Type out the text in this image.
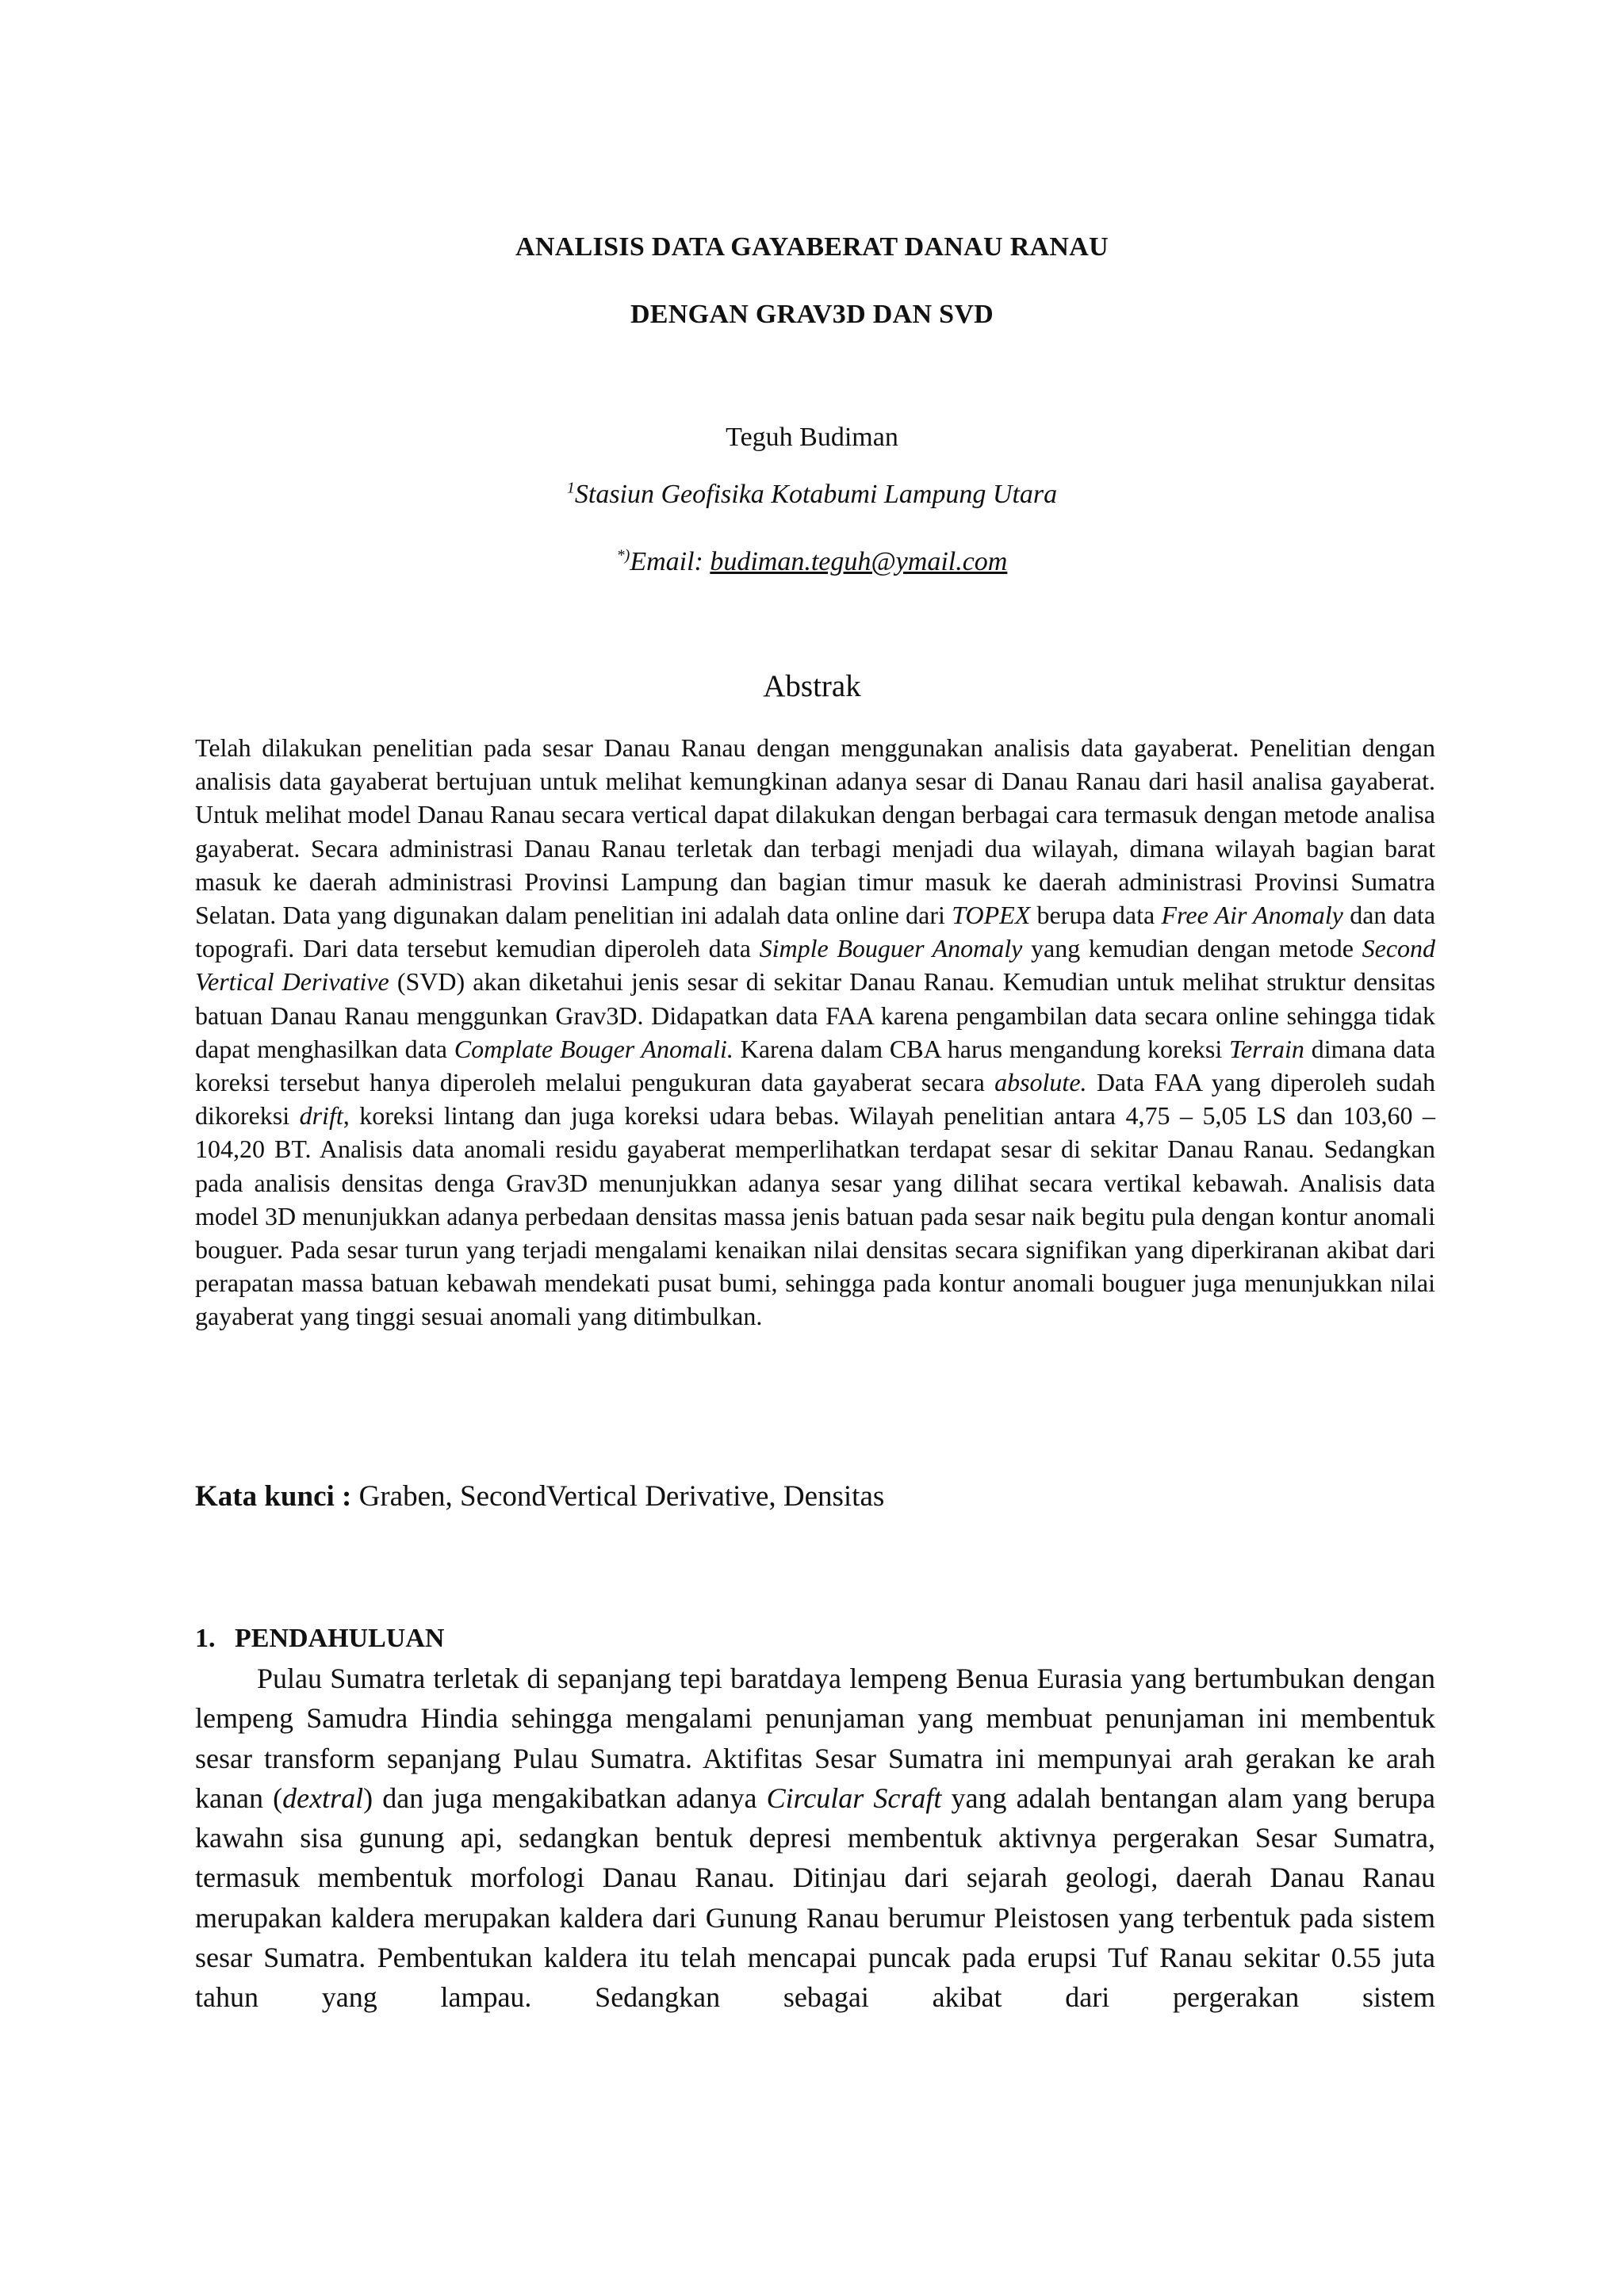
ANALISIS DATA GAYABERAT DANAU RANAU
DENGAN GRAV3D DAN SVD
Teguh Budiman
$^1$Stasiun Geofisika Kotabumi Lampung Utara
*)Email: budiman.teguh@ymail.com
Abstrak
Telah dilakukan penelitian pada sesar Danau Ranau dengan menggunakan analisis data gayaberat. Penelitian dengan analisis data gayaberat bertujuan untuk melihat kemungkinan adanya sesar di Danau Ranau dari hasil analisa gayaberat. Untuk melihat model Danau Ranau secara vertical dapat dilakukan dengan berbagai cara termasuk dengan metode analisa gayaberat. Secara administrasi Danau Ranau terletak dan terbagi menjadi dua wilayah, dimana wilayah bagian barat masuk ke daerah administrasi Provinsi Lampung dan bagian timur masuk ke daerah administrasi Provinsi Sumatra Selatan. Data yang digunakan dalam penelitian ini adalah data online dari TOPEX berupa data Free Air Anomaly dan data topografi. Dari data tersebut kemudian diperoleh data Simple Bouguer Anomaly yang kemudian dengan metode Second Vertical Derivative (SVD) akan diketahui jenis sesar di sekitar Danau Ranau. Kemudian untuk melihat struktur densitas batuan Danau Ranau menggunkan Grav3D. Didapatkan data FAA karena pengambilan data secara online sehingga tidak dapat menghasilkan data Complate Bouger Anomali. Karena dalam CBA harus mengandung koreksi Terrain dimana data koreksi tersebut hanya diperoleh melalui pengukuran data gayaberat secara absolute. Data FAA yang diperoleh sudah dikoreksi drift, koreksi lintang dan juga koreksi udara bebas. Wilayah penelitian antara 4,75 – 5,05 LS dan 103,60 – 104,20 BT. Analisis data anomali residu gayaberat memperlihatkan terdapat sesar di sekitar Danau Ranau. Sedangkan pada analisis densitas denga Grav3D menunjukkan adanya sesar yang dilihat secara vertikal kebawah. Analisis data model 3D menunjukkan adanya perbedaan densitas massa jenis batuan pada sesar naik begitu pula dengan kontur anomali bouguer. Pada sesar turun yang terjadi mengalami kenaikan nilai densitas secara signifikan yang diperkiranan akibat dari perapatan massa batuan kebawah mendekati pusat bumi, sehingga pada kontur anomali bouguer juga menunjukkan nilai gayaberat yang tinggi sesuai anomali yang ditimbulkan.
Kata kunci : Graben, SecondVertical Derivative, Densitas
1. PENDAHULUAN
Pulau Sumatra terletak di sepanjang tepi baratdaya lempeng Benua Eurasia yang bertumbukan dengan lempeng Samudra Hindia sehingga mengalami penunjaman yang membuat penunjaman ini membentuk sesar transform sepanjang Pulau Sumatra. Aktifitas Sesar Sumatra ini mempunyai arah gerakan ke arah kanan (dextral) dan juga mengakibatkan adanya Circular Scraft yang adalah bentangan alam yang berupa kawahn sisa gunung api, sedangkan bentuk depresi membentuk aktivnya pergerakan Sesar Sumatra, termasuk membentuk morfologi Danau Ranau. Ditinjau dari sejarah geologi, daerah Danau Ranau merupakan kaldera merupakan kaldera dari Gunung Ranau berumur Pleistosen yang terbentuk pada sistem sesar Sumatra. Pembentukan kaldera itu telah mencapai puncak pada erupsi Tuf Ranau sekitar 0.55 juta tahun yang lampau. Sedangkan sebagai akibat dari pergerakan sistem
